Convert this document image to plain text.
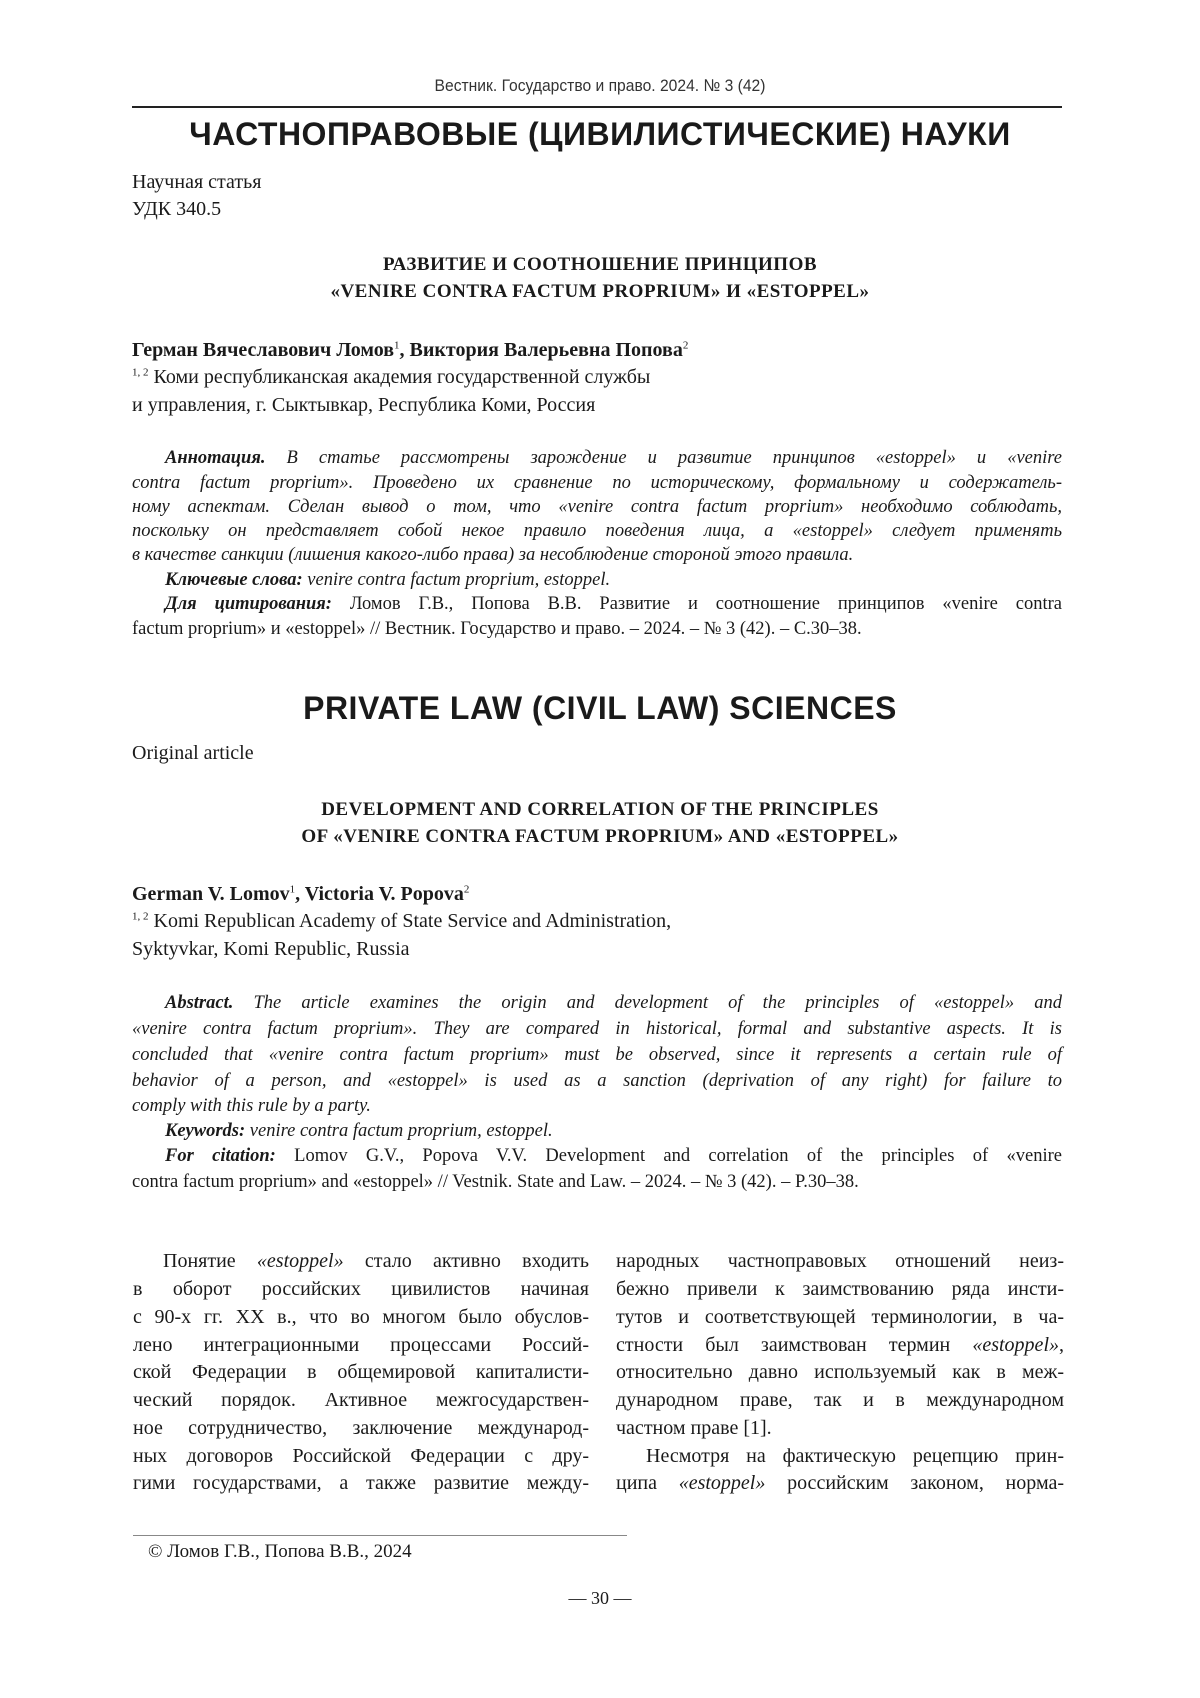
Вестник. Государство и право. 2024. № 3 (42)
ЧАСТНОПРАВОВЫЕ (ЦИВИЛИСТИЧЕСКИЕ) НАУКИ
Научная статья
УДК 340.5
РАЗВИТИЕ И СООТНОШЕНИЕ ПРИНЦИПОВ
«VENIRE CONTRA FACTUM PROPRIUM» И «ESTOPPEL»
Герман Вячеславович Ломов1, Виктория Валерьевна Попова2
1, 2 Коми республиканская академия государственной службы
и управления, г. Сыктывкар, Республика Коми, Россия
Аннотация. В статье рассмотрены зарождение и развитие принципов «estoppel» и «venire
contra factum proprium». Проведено их сравнение по историческому, формальному и содержатель-
ному аспектам. Сделан вывод о том, что «venire contra factum proprium» необходимо соблюдать,
поскольку он представляет собой некое правило поведения лица, а «estoppel» следует применять
в качестве санкции (лишения какого-либо права) за несоблюдение стороной этого правила.
Ключевые слова: venire contra factum proprium, estoppel.
Для цитирования: Ломов Г.В., Попова В.В. Развитие и соотношение принципов «venire contra
factum proprium» и «estoppel» // Вестник. Государство и право. – 2024. – № 3 (42). – С.30–38.
PRIVATE LAW (CIVIL LAW) SCIENCES
Original article
DEVELOPMENT AND CORRELATION OF THE PRINCIPLES
OF «VENIRE CONTRA FACTUM PROPRIUM» AND «ESTOPPEL»
German V. Lomov1, Victoria V. Popova2
1, 2 Komi Republican Academy of State Service and Administration,
Syktyvkar, Komi Republic, Russia
Abstract. The article examines the origin and development of the principles of «estoppel» and
«venire contra factum proprium». They are compared in historical, formal and substantive aspects. It is
concluded that «venire contra factum proprium» must be observed, since it represents a certain rule of
behavior of a person, and «estoppel» is used as a sanction (deprivation of any right) for failure to
comply with this rule by a party.
Keywords: venire contra factum proprium, estoppel.
For citation: Lomov G.V., Popova V.V. Development and correlation of the principles of «venire
contra factum proprium» and «estoppel» // Vestnik. State and Law. – 2024. – № 3 (42). – P.30–38.
Понятие «estoppel» стало активно входить
в оборот российских цивилистов начиная
с 90-х гг. XX в., что во многом было обуслов-
лено интеграционными процессами Россий-
ской Федерации в общемировой капиталисти-
ческий порядок. Активное межгосударствен-
ное сотрудничество, заключение международ-
ных договоров Российской Федерации с дру-
гими государствами, а также развитие между-
народных частноправовых отношений неиз-
бежно привели к заимствованию ряда инсти-
тутов и соответствующей терминологии, в ча-
стности был заимствован термин «estoppel»,
относительно давно используемый как в меж-
дународном праве, так и в международном
частном праве [1].
Несмотря на фактическую рецепцию прин-
ципа «estoppel» российским законом, норма-
© Ломов Г.В., Попова В.В., 2024
— 30 —
